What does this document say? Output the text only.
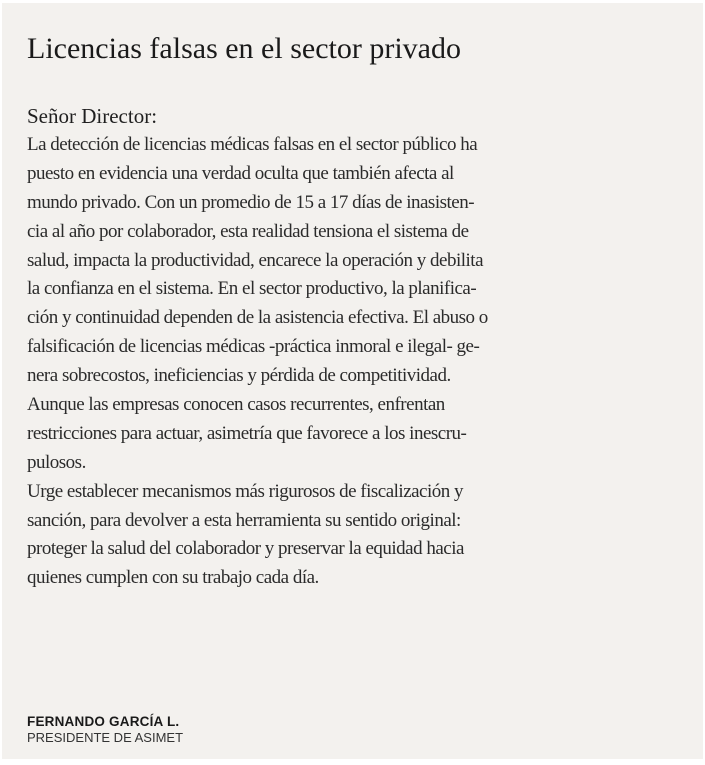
Licencias falsas en el sector privado
Señor Director:
La detección de licencias médicas falsas en el sector público ha
puesto en evidencia una verdad oculta que también afecta al
mundo privado. Con un promedio de 15 a 17 días de inasisten-
cia al año por colaborador, esta realidad tensiona el sistema de
salud, impacta la productividad, encarece la operación y debilita
la confianza en el sistema. En el sector productivo, la planifica-
ción y continuidad dependen de la asistencia efectiva. El abuso o
falsificación de licencias médicas -práctica inmoral e ilegal- ge-
nera sobrecostos, ineficiencias y pérdida de competitividad.
Aunque las empresas conocen casos recurrentes, enfrentan
restricciones para actuar, asimetría que favorece a los inescru-
pulosos.
Urge establecer mecanismos más rigurosos de fiscalización y
sanción, para devolver a esta herramienta su sentido original:
proteger la salud del colaborador y preservar la equidad hacia
quienes cumplen con su trabajo cada día.
FERNANDO GARCÍA L.
PRESIDENTE DE ASIMET
